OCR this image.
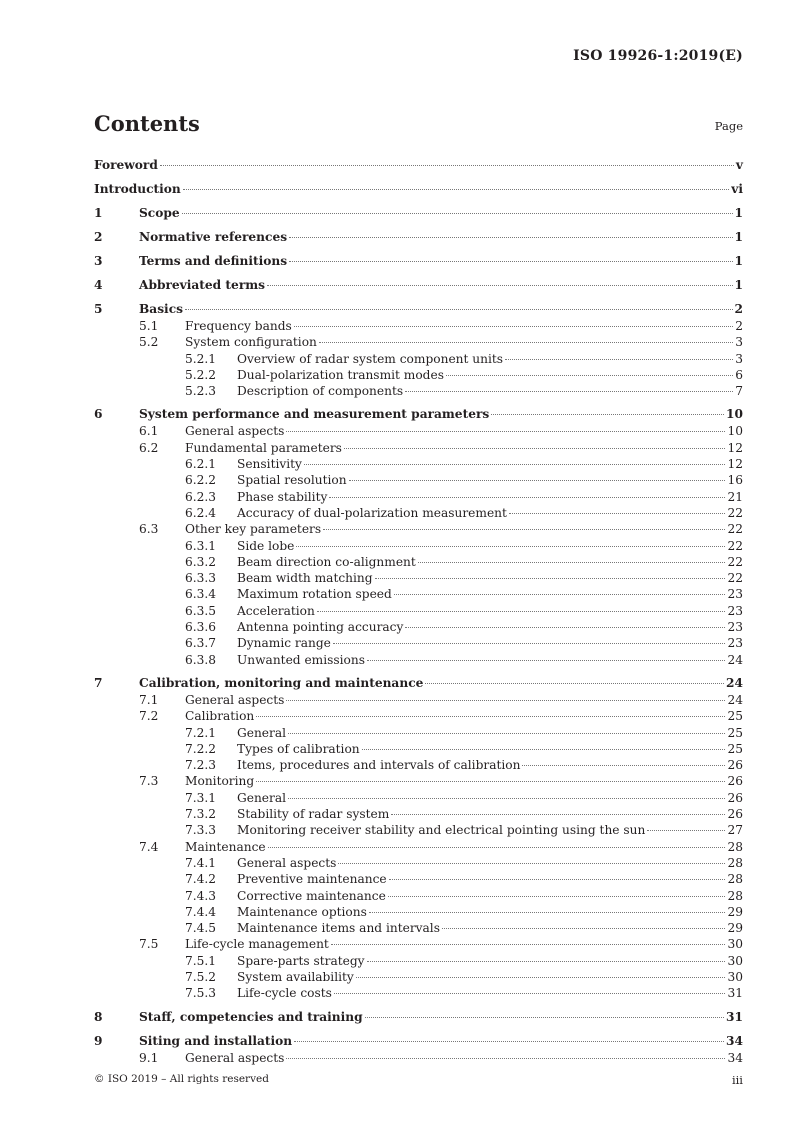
ISO 19926-1:2019(E)
Contents	Page
Foreword	v
Introduction	vi
1	Scope	1
2	Normative references	1
3	Terms and definitions	1
4	Abbreviated terms	1
5	Basics	2
5.1 Frequency bands	2
5.2 System configuration	3
5.2.1 Overview of radar system component units	3
5.2.2 Dual-polarization transmit modes	6
5.2.3 Description of components	7
6	System performance and measurement parameters	10
6.1 General aspects	10
6.2 Fundamental parameters	12
6.2.1 Sensitivity	12
6.2.2 Spatial resolution	16
6.2.3 Phase stability	21
6.2.4 Accuracy of dual-polarization measurement	22
6.3 Other key parameters	22
6.3.1 Side lobe	22
6.3.2 Beam direction co-alignment	22
6.3.3 Beam width matching	22
6.3.4 Maximum rotation speed	23
6.3.5 Acceleration	23
6.3.6 Antenna pointing accuracy	23
6.3.7 Dynamic range	23
6.3.8 Unwanted emissions	24
7	Calibration, monitoring and maintenance	24
7.1 General aspects	24
7.2 Calibration	25
7.2.1 General	25
7.2.2 Types of calibration	25
7.2.3 Items, procedures and intervals of calibration	26
7.3 Monitoring	26
7.3.1 General	26
7.3.2 Stability of radar system	26
7.3.3 Monitoring receiver stability and electrical pointing using the sun	27
7.4 Maintenance	28
7.4.1 General aspects	28
7.4.2 Preventive maintenance	28
7.4.3 Corrective maintenance	28
7.4.4 Maintenance options	29
7.4.5 Maintenance items and intervals	29
7.5 Life-cycle management	30
7.5.1 Spare-parts strategy	30
7.5.2 System availability	30
7.5.3 Life-cycle costs	31
8	Staff, competencies and training	31
9	Siting and installation	34
9.1 General aspects	34
© ISO 2019 – All rights reserved	iii
